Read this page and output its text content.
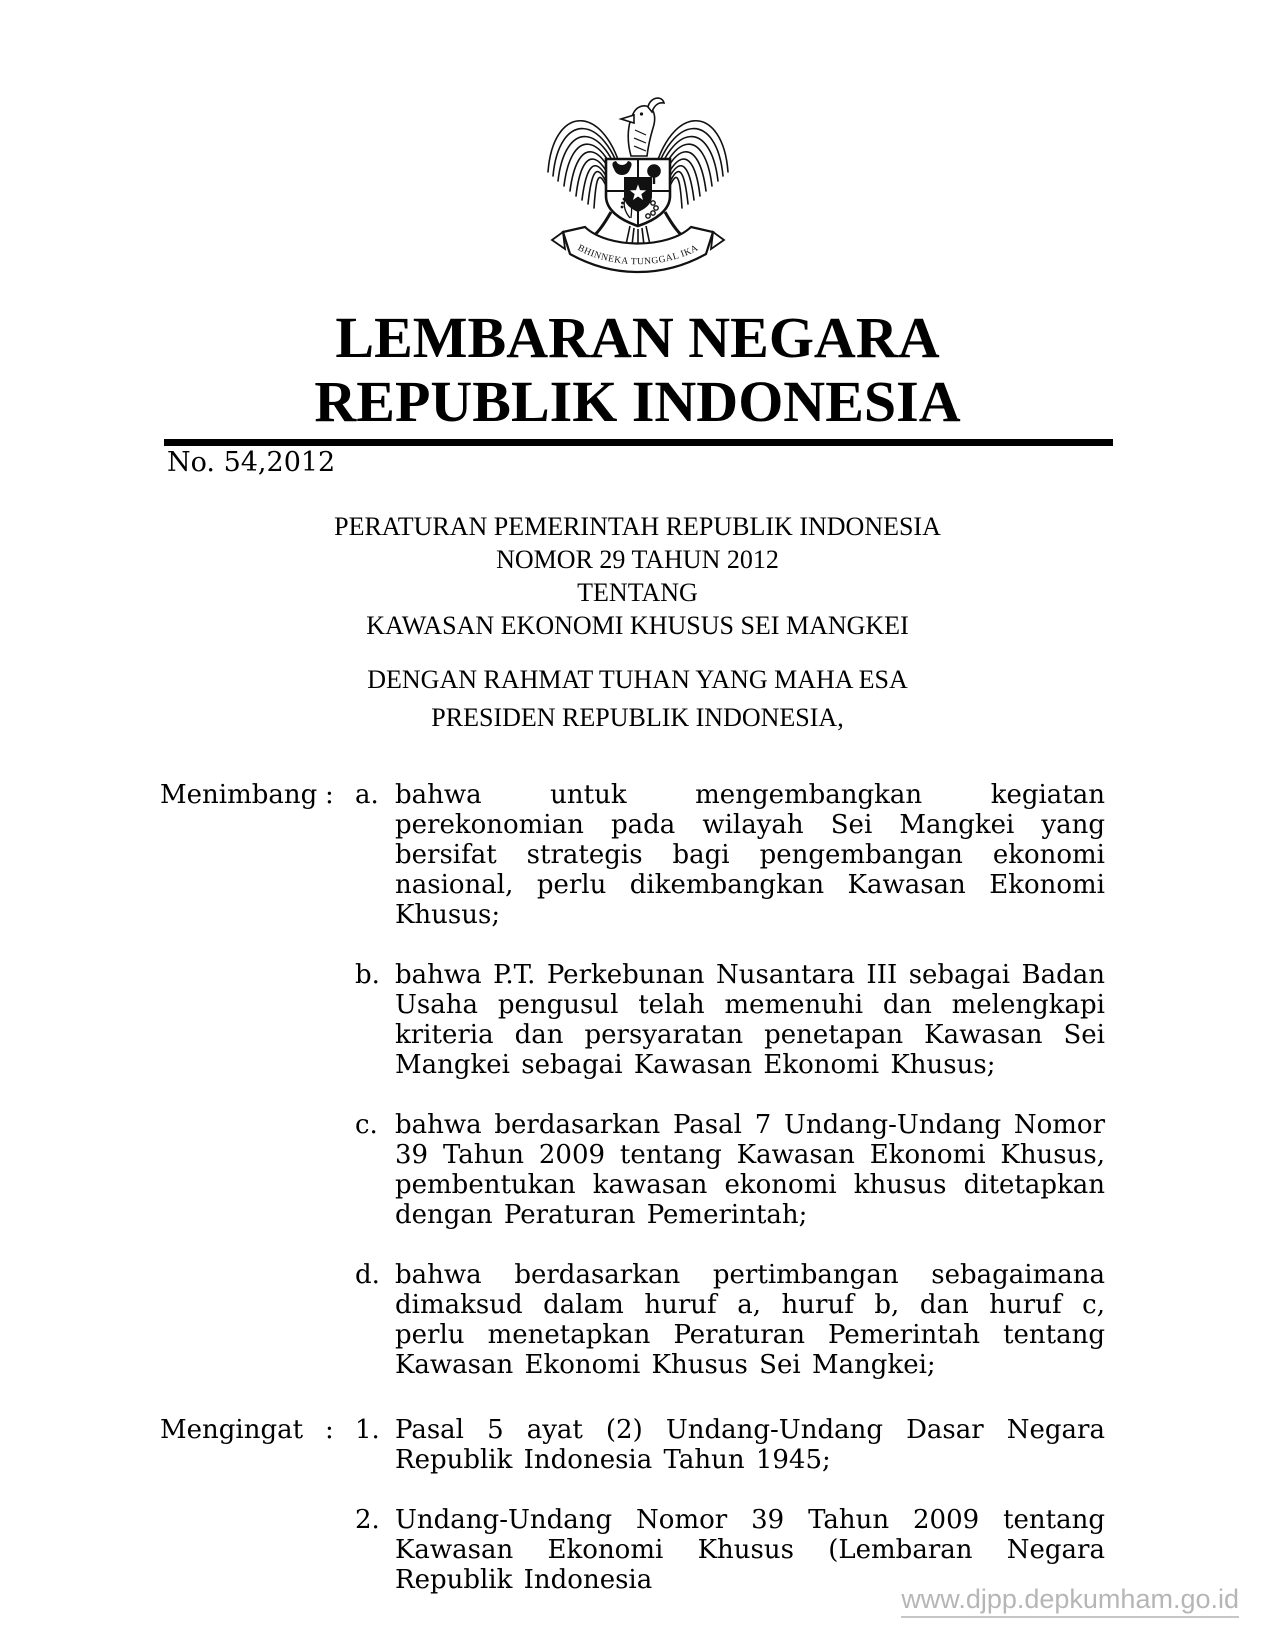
BHINNEKA TUNGGAL IKA
LEMBARAN NEGARA
REPUBLIK INDONESIA
No. 54,2012
PERATURAN PEMERINTAH REPUBLIK INDONESIA
NOMOR 29 TAHUN 2012
TENTANG
KAWASAN EKONOMI KHUSUS SEI MANGKEI
DENGAN RAHMAT TUHAN YANG MAHA ESA
PRESIDEN REPUBLIK INDONESIA,
Menimbang : a. bahwa untuk mengembangkan kegiatan perekonomian pada wilayah Sei Mangkei yang bersifat strategis bagi pengembangan ekonomi nasional, perlu dikembangkan Kawasan Ekonomi Khusus;
b. bahwa P.T. Perkebunan Nusantara III sebagai Badan Usaha pengusul telah memenuhi dan melengkapi kriteria dan persyaratan penetapan Kawasan Sei Mangkei sebagai Kawasan Ekonomi Khusus;
c. bahwa berdasarkan Pasal 7 Undang-Undang Nomor 39 Tahun 2009 tentang Kawasan Ekonomi Khusus, pembentukan kawasan ekonomi khusus ditetapkan dengan Peraturan Pemerintah;
d. bahwa berdasarkan pertimbangan sebagaimana dimaksud dalam huruf a, huruf b, dan huruf c, perlu menetapkan Peraturan Pemerintah tentang Kawasan Ekonomi Khusus Sei Mangkei;
Mengingat : 1. Pasal 5 ayat (2) Undang-Undang Dasar Negara Republik Indonesia Tahun 1945;
2. Undang-Undang Nomor 39 Tahun 2009 tentang Kawasan Ekonomi Khusus (Lembaran Negara Republik Indonesia
www.djpp.depkumham.go.id
